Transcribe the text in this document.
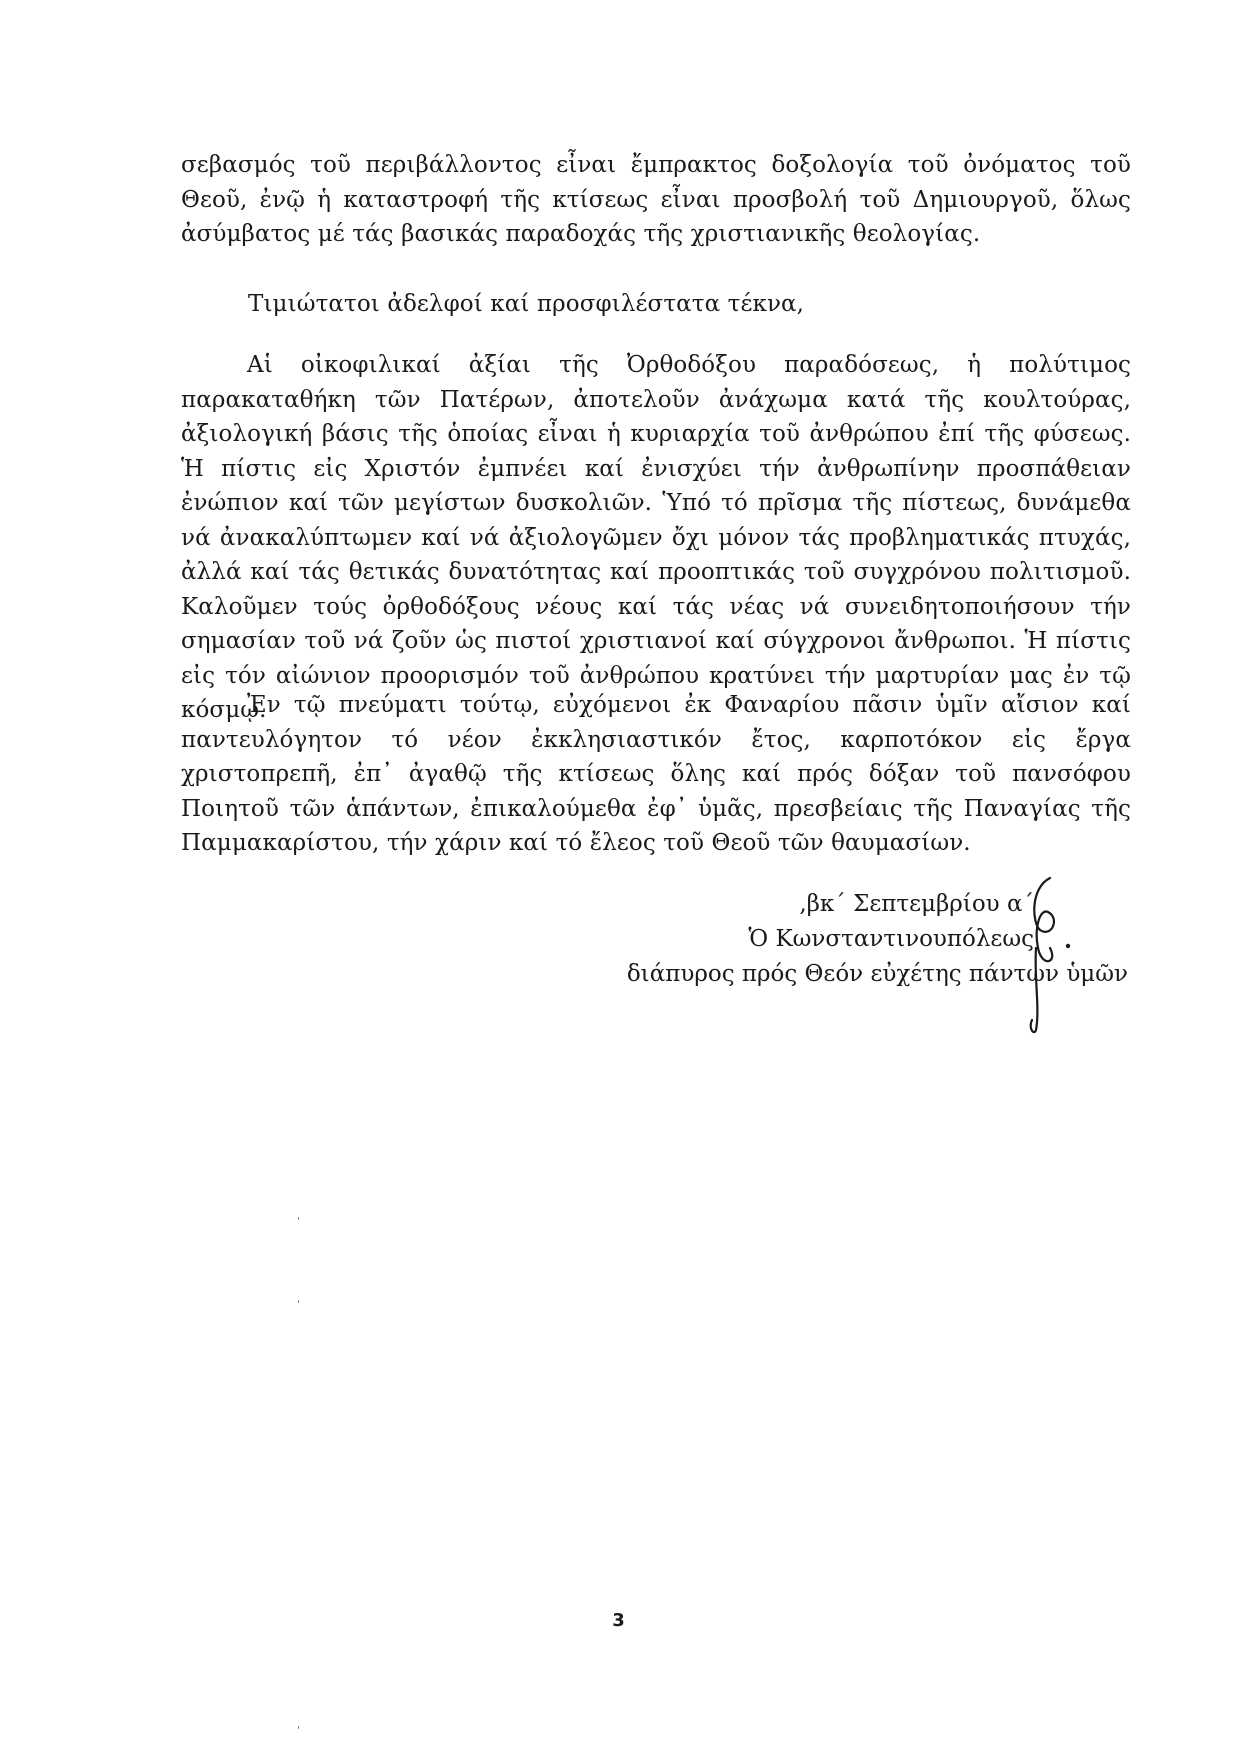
σεβασμός τοῦ περιβάλλοντος εἶναι ἔμπρακτος δοξολογία τοῦ ὀνόματος τοῦ Θεοῦ, ἐνῷ ἡ καταστροφή τῆς κτίσεως εἶναι προσβολή τοῦ Δημιουργοῦ, ὅλως ἀσύμβατος μέ τάς βασικάς παραδοχάς τῆς χριστιανικῆς θεολογίας.

Τιμιώτατοι ἀδελφοί καί προσφιλέστατα τέκνα,

Αἱ οἰκοφιλικαί ἀξίαι τῆς Ὀρθοδόξου παραδόσεως, ἡ πολύτιμος παρακαταθήκη τῶν Πατέρων, ἀποτελοῦν ἀνάχωμα κατά τῆς κουλτούρας, ἀξιολογική βάσις τῆς ὁποίας εἶναι ἡ κυριαρχία τοῦ ἀνθρώπου ἐπί τῆς φύσεως. Ἡ πίστις εἰς Χριστόν ἐμπνέει καί ἐνισχύει τήν ἀνθρωπίνην προσπάθειαν ἐνώπιον καί τῶν μεγίστων δυσκολιῶν. Ὑπό τό πρῖσμα τῆς πίστεως, δυνάμεθα νά ἀνακαλύπτωμεν καί νά ἀξιολογῶμεν ὄχι μόνον τάς προβληματικάς πτυχάς, ἀλλά καί τάς θετικάς δυνατότητας καί προοπτικάς τοῦ συγχρόνου πολιτισμοῦ. Καλοῦμεν τούς ὀρθοδόξους νέους καί τάς νέας νά συνειδητοποιήσουν τήν σημασίαν τοῦ νά ζοῦν ὡς πιστοί χριστιανοί καί σύγχρονοι ἄνθρωποι. Ἡ πίστις εἰς τόν αἰώνιον προορισμόν τοῦ ἀνθρώπου κρατύνει τήν μαρτυρίαν μας ἐν τῷ κόσμῳ.

Ἐν τῷ πνεύματι τούτῳ, εὐχόμενοι ἐκ Φαναρίου πᾶσιν ὑμῖν αἴσιον καί παντευλόγητον τό νέον ἐκκλησιαστικόν ἔτος, καρποτόκον εἰς ἔργα χριστοπρεπῆ, ἐπ᾽ ἀγαθῷ τῆς κτίσεως ὅλης καί πρός δόξαν τοῦ πανσόφου Ποιητοῦ τῶν ἁπάντων, ἐπικαλούμεθα ἐφ᾽ ὑμᾶς, πρεσβείαις τῆς Παναγίας τῆς Παμμακαρίστου, τήν χάριν καί τό ἔλεος τοῦ Θεοῦ τῶν θαυμασίων.

,βκ΄ Σεπτεμβρίου α΄
Ὁ Κωνσταντινουπόλεως
διάπυρος πρός Θεόν εὐχέτης πάντων ὑμῶν
3
